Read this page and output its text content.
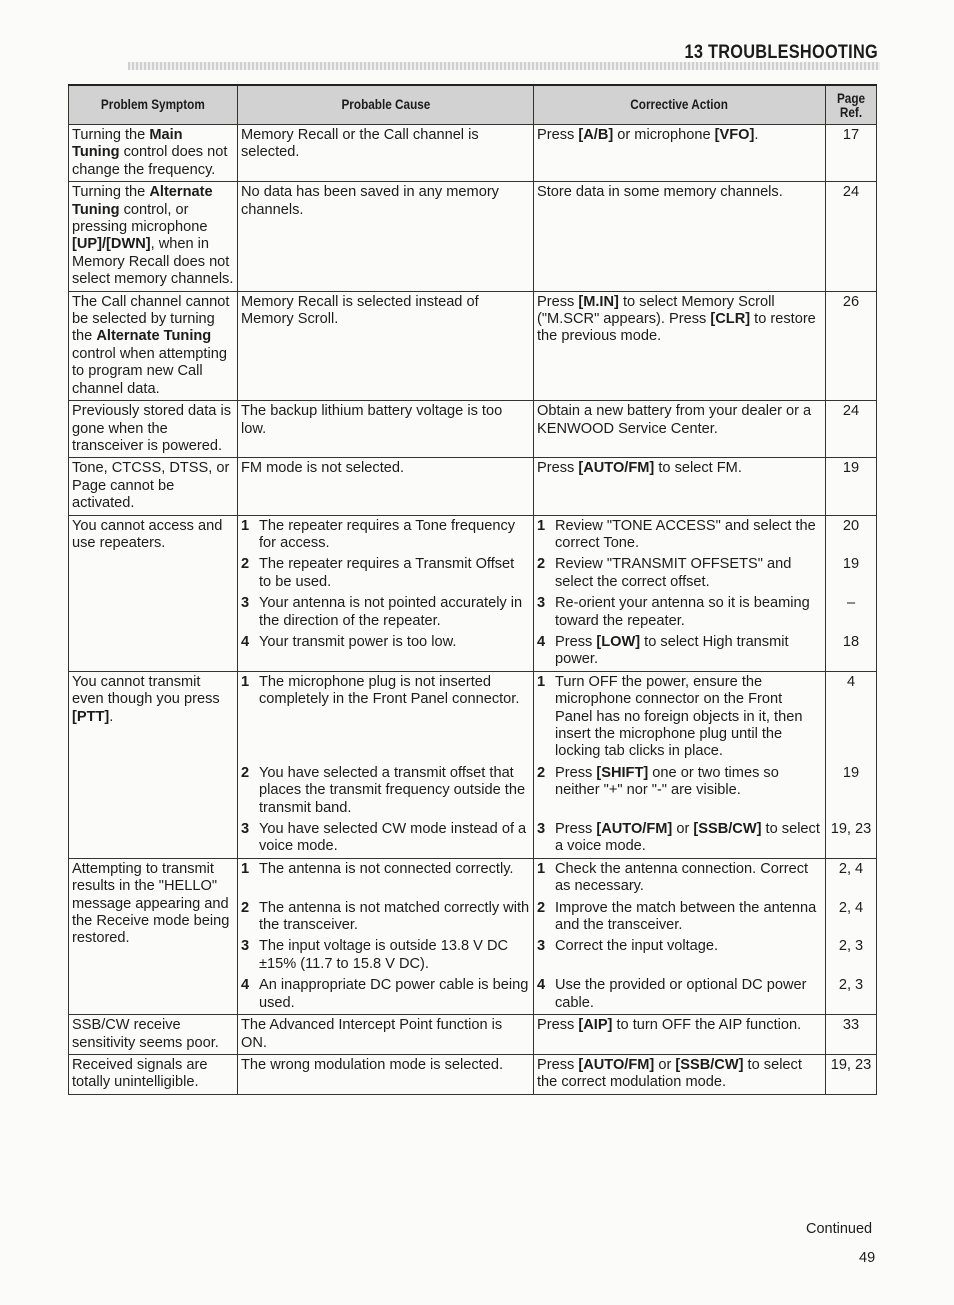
13 TROUBLESHOOTING
Problem Symptom	Probable Cause	Corrective Action	Page Ref.
Turning the Main Tuning control does not change the frequency.	Memory Recall or the Call channel is selected.	Press [A/B] or microphone [VFO].	17
Turning the Alternate Tuning control, or pressing microphone [UP]/[DWN], when in Memory Recall does not select memory channels.	No data has been saved in any memory channels.	Store data in some memory channels.	24
The Call channel cannot be selected by turning the Alternate Tuning control when attempting to program new Call channel data.	Memory Recall is selected instead of Memory Scroll.	Press [M.IN] to select Memory Scroll ("M.SCR" appears). Press [CLR] to restore the previous mode.	26
Previously stored data is gone when the transceiver is powered.	The backup lithium battery voltage is too low.	Obtain a new battery from your dealer or a KENWOOD Service Center.	24
Tone, CTCSS, DTSS, or Page cannot be activated.	FM mode is not selected.	Press [AUTO/FM] to select FM.	19
You cannot access and use repeaters.	1 The repeater requires a Tone frequency for access.	1 Review "TONE ACCESS" and select the correct Tone.	20

	2 The repeater requires a Transmit Offset to be used.	2 Review "TRANSMIT OFFSETS" and select the correct offset.	19

	3 Your antenna is not pointed accurately in the direction of the repeater.	3 Re-orient your antenna so it is beaming toward the repeater.	–

	4 Your transmit power is too low.	4 Press [LOW] to select High transmit power.	18
You cannot transmit even though you press [PTT].	1 The microphone plug is not inserted completely in the Front Panel connector.	1 Turn OFF the power, ensure the microphone connector on the Front Panel has no foreign objects in it, then insert the microphone plug until the locking tab clicks in place.	4

	2 You have selected a transmit offset that places the transmit frequency outside the transmit band.	2 Press [SHIFT] one or two times so neither "+" nor "-" are visible.	19

	3 You have selected CW mode instead of a voice mode.	3 Press [AUTO/FM] or [SSB/CW] to select a voice mode.	19, 23
Attempting to transmit results in the "HELLO" message appearing and the Receive mode being restored.	1 The antenna is not connected correctly.	1 Check the antenna connection. Correct as necessary.	2, 4

	2 The antenna is not matched correctly with the transceiver.	2 Improve the match between the antenna and the transceiver.	2, 4

	3 The input voltage is outside 13.8 V DC ±15% (11.7 to 15.8 V DC).	3 Correct the input voltage.	2, 3

	4 An inappropriate DC power cable is being used.	4 Use the provided or optional DC power cable.	2, 3
SSB/CW receive sensitivity seems poor.	The Advanced Intercept Point function is ON.	Press [AIP] to turn OFF the AIP function.	33
Received signals are totally unintelligible.	The wrong modulation mode is selected.	Press [AUTO/FM] or [SSB/CW] to select the correct modulation mode.	19, 23
Continued
49
